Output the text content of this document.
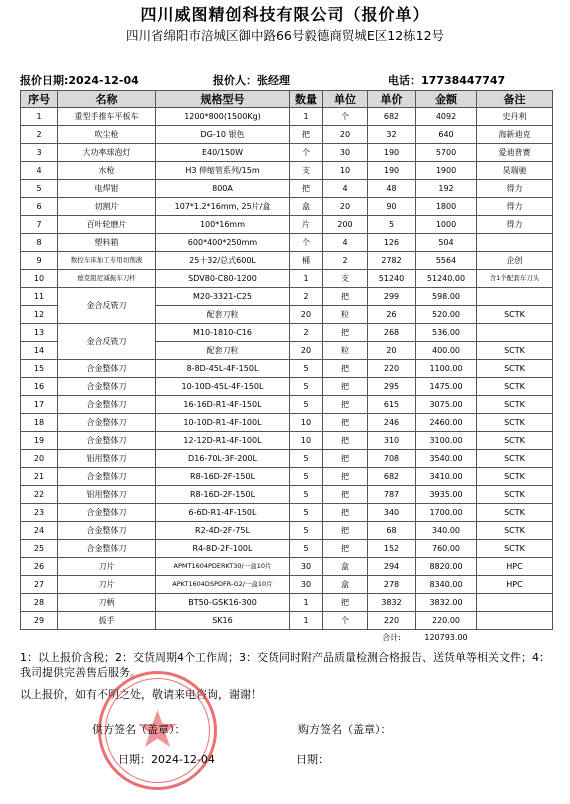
四川威图精创科技有限公司（报价单）
四川省绵阳市涪城区御中路66号毅德商贸城E区12栋12号
报价日期:2024-12-04	报价人：张经理	电话：17738447747
序号	名称	规格型号	数量	单位	单价	金额	备注
1	重型手推车平板车	1200*800(1500Kg)	1	个	682	4092	史丹利
2	吹尘枪	DG-10 银色	把	20	32	640	海新迪克
3	大功率球泡灯	E40/150W	个	30	190	5700	爱迪普赛
4	水枪	H3 伸缩管系列/15m	支	10	190	1900	昊瑞驰
5	电焊钳	800A	把	4	48	192	得力
6	切割片	107*1.2*16mm, 25片/盒	盒	20	90	1800	得力
7	百叶轮磨片	100*16mm	片	200	5	1000	得力
8	塑料箱	600*400*250mm	个	4	126	504	
9	数控车床加工专用切削液	25十32/总式600L	桶	2	2782	5564	企创
10	德克阻尼减振车刀杆	SDV80-C80-1200	1	支	51240	51240.00	含1个配套车刀头
11	金合反铣刀	M20-3321-C25	2	把	299	598.00	
12		配套刀粒	20	粒	26	520.00	SCTK
13	金合反铣刀	M10-1810-C16	2	把	268	536.00	
14		配套刀粒	20	粒	20	400.00	SCTK
15	合金整体刀	8-8D-45L-4F-150L	5	把	220	1100.00	SCTK
16	合金整体刀	10-10D-45L-4F-150L	5	把	295	1475.00	SCTK
17	合金整体刀	16-16D-R1-4F-150L	5	把	615	3075.00	SCTK
18	合金整体刀	10-10D-R1-4F-100L	10	把	246	2460.00	SCTK
19	合金整体刀	12-12D-R1-4F-100L	10	把	310	3100.00	SCTK
20	铝用整体刀	D16-70L-3F-200L	5	把	708	3540.00	SCTK
21	合金整体刀	R8-16D-2F-150L	5	把	682	3410.00	SCTK
22	铝用整体刀	R8-16D-2F-150L	5	把	787	3935.00	SCTK
23	合金整体刀	6-6D-R1-4F-150L	5	把	340	1700.00	SCTK
24	合金整体刀	R2-4D-2F-75L	5	把	68	340.00	SCTK
25	合金整体刀	R4-8D-2F-100L	5	把	152	760.00	SCTK
26	刀片	APMT1604PDERKT30/一盒10片	30	盒	294	8820.00	HPC
27	刀片	APKT1604DSPDFR-G2/一盒10片	30	盒	278	8340.00	HPC
28	刀柄	BT50-GSK16-300	1	把	3832	3832.00	
29	扳手	SK16	1	个	220	220.00	
					合计:	120793.00	
1：以上报价含税；2：交货周期4个工作周；3：交货同时附产品质量检测合格报告、送货单等相关文件；4：我司提供完善售后服务。
以上报价，如有不明之处，敬请来电咨询，谢谢！
供方签名（盖章）：	购方签名（盖章）：
日期：2024-12-04	日期：
